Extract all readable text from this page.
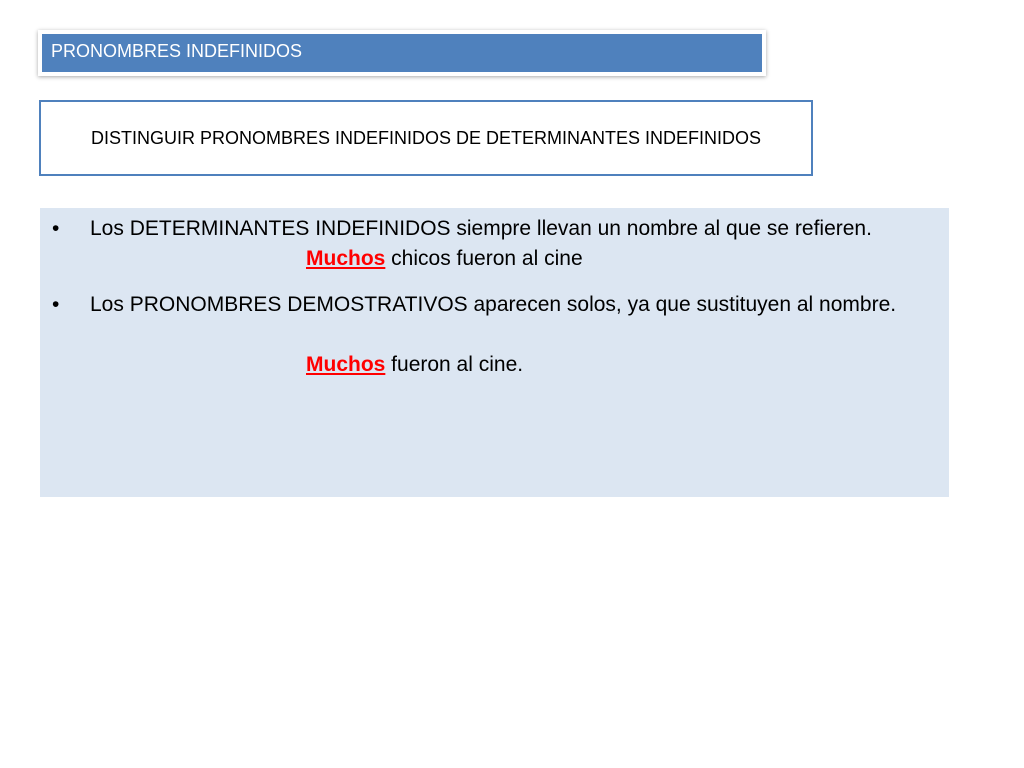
PRONOMBRES INDEFINIDOS
DISTINGUIR PRONOMBRES INDEFINIDOS DE DETERMINANTES INDEFINIDOS
• Los DETERMINANTES INDEFINIDOS siempre llevan un nombre al que se refieren.
Muchos chicos fueron al cine
• Los PRONOMBRES DEMOSTRATIVOS aparecen solos, ya que sustituyen al nombre.
Muchos fueron al cine.
